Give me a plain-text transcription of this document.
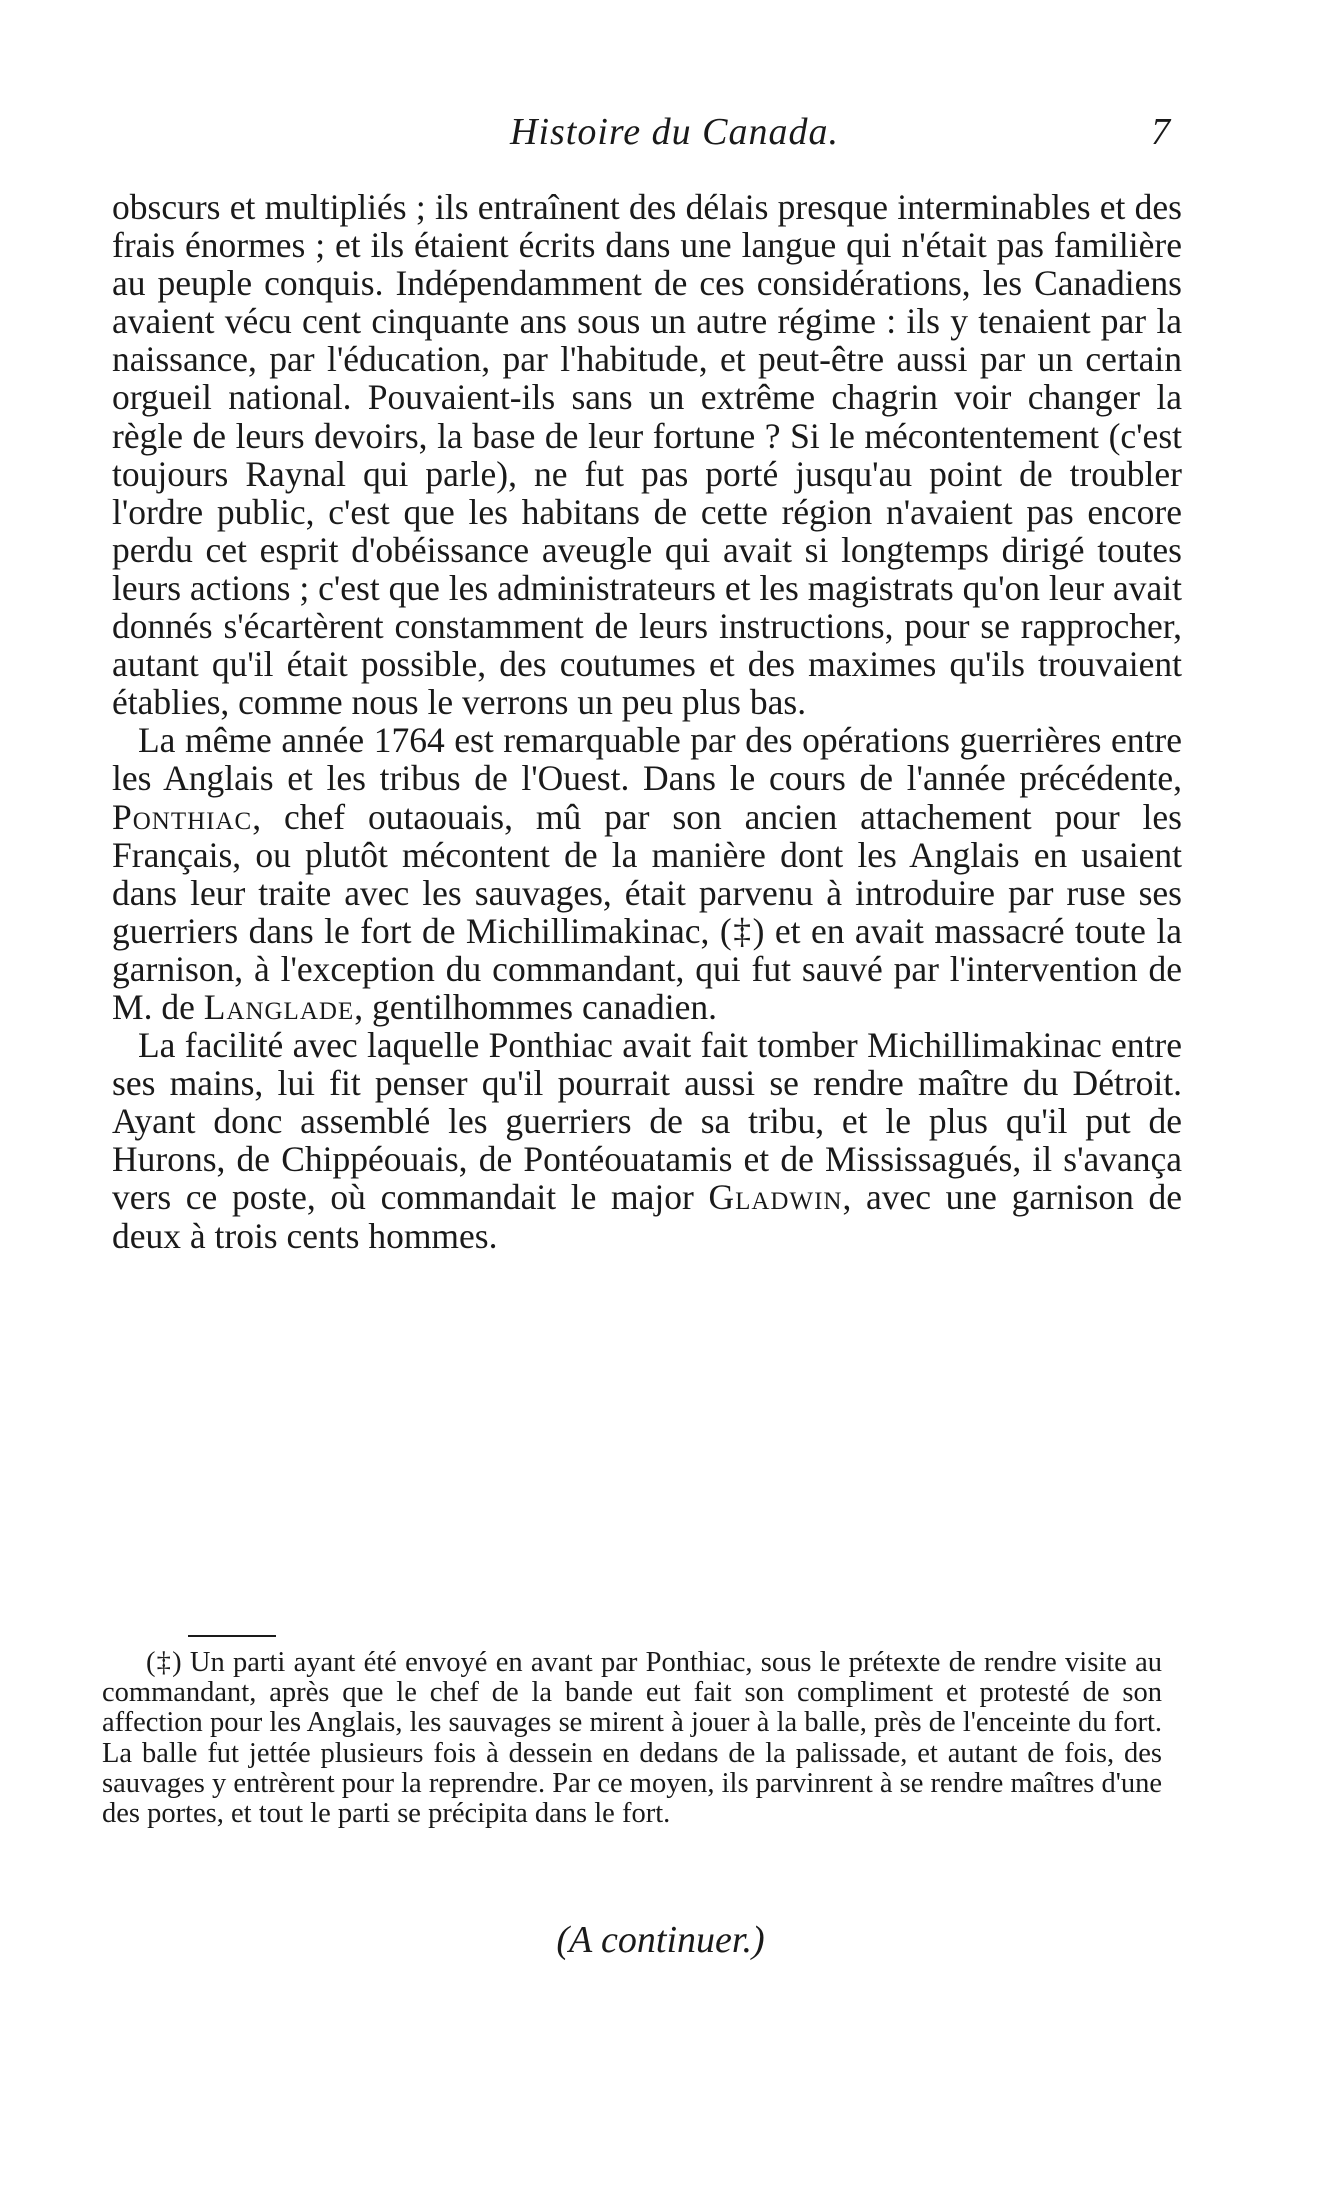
Histoire du Canada.	7

obscurs et multipliés ; ils entraînent des délais presque interminables et des frais énormes ; et ils étaient écrits dans une langue qui n'était pas familière au peuple conquis. Indépendamment de ces considérations, les Canadiens avaient vécu cent cinquante ans sous un autre régime : ils y tenaient par la naissance, par l'éducation, par l'habitude, et peut-être aussi par un certain orgueil national. Pouvaient-ils sans un extrême chagrin voir changer la règle de leurs devoirs, la base de leur fortune ? Si le mécontentement (c'est toujours Raynal qui parle), ne fut pas porté jusqu'au point de troubler l'ordre public, c'est que les habitans de cette région n'avaient pas encore perdu cet esprit d'obéissance aveugle qui avait si longtemps dirigé toutes leurs actions ; c'est que les administrateurs et les magistrats qu'on leur avait donnés s'écartèrent constamment de leurs instructions, pour se rapprocher, autant qu'il était possible, des coutumes et des maximes qu'ils trouvaient établies, comme nous le verrons un peu plus bas.

La même année 1764 est remarquable par des opérations guerrières entre les Anglais et les tribus de l'Ouest. Dans le cours de l'année précédente, Ponthiac, chef outaouais, mû par son ancien attachement pour les Français, ou plutôt mécontent de la manière dont les Anglais en usaient dans leur traite avec les sauvages, était parvenu à introduire par ruse ses guerriers dans le fort de Michillimakinac, (‡) et en avait massacré toute la garnison, à l'exception du commandant, qui fut sauvé par l'intervention de M. de Langlade, gentilhommes canadien.

La facilité avec laquelle Ponthiac avait fait tomber Michillimakinac entre ses mains, lui fit penser qu'il pourrait aussi se rendre maître du Détroit. Ayant donc assemblé les guerriers de sa tribu, et le plus qu'il put de Hurons, de Chippéouais, de Pontéouatamis et de Mississagués, il s'avança vers ce poste, où commandait le major Gladwin, avec une garnison de deux à trois cents hommes.

(‡) Un parti ayant été envoyé en avant par Ponthiac, sous le prétexte de rendre visite au commandant, après que le chef de la bande eut fait son compliment et protesté de son affection pour les Anglais, les sauvages se mirent à jouer à la balle, près de l'enceinte du fort. La balle fut jettée plusieurs fois à dessein en dedans de la palissade, et autant de fois, des sauvages y entrèrent pour la reprendre. Par ce moyen, ils parvinrent à se rendre maîtres d'une des portes, et tout le parti se précipita dans le fort.

(A continuer.)
